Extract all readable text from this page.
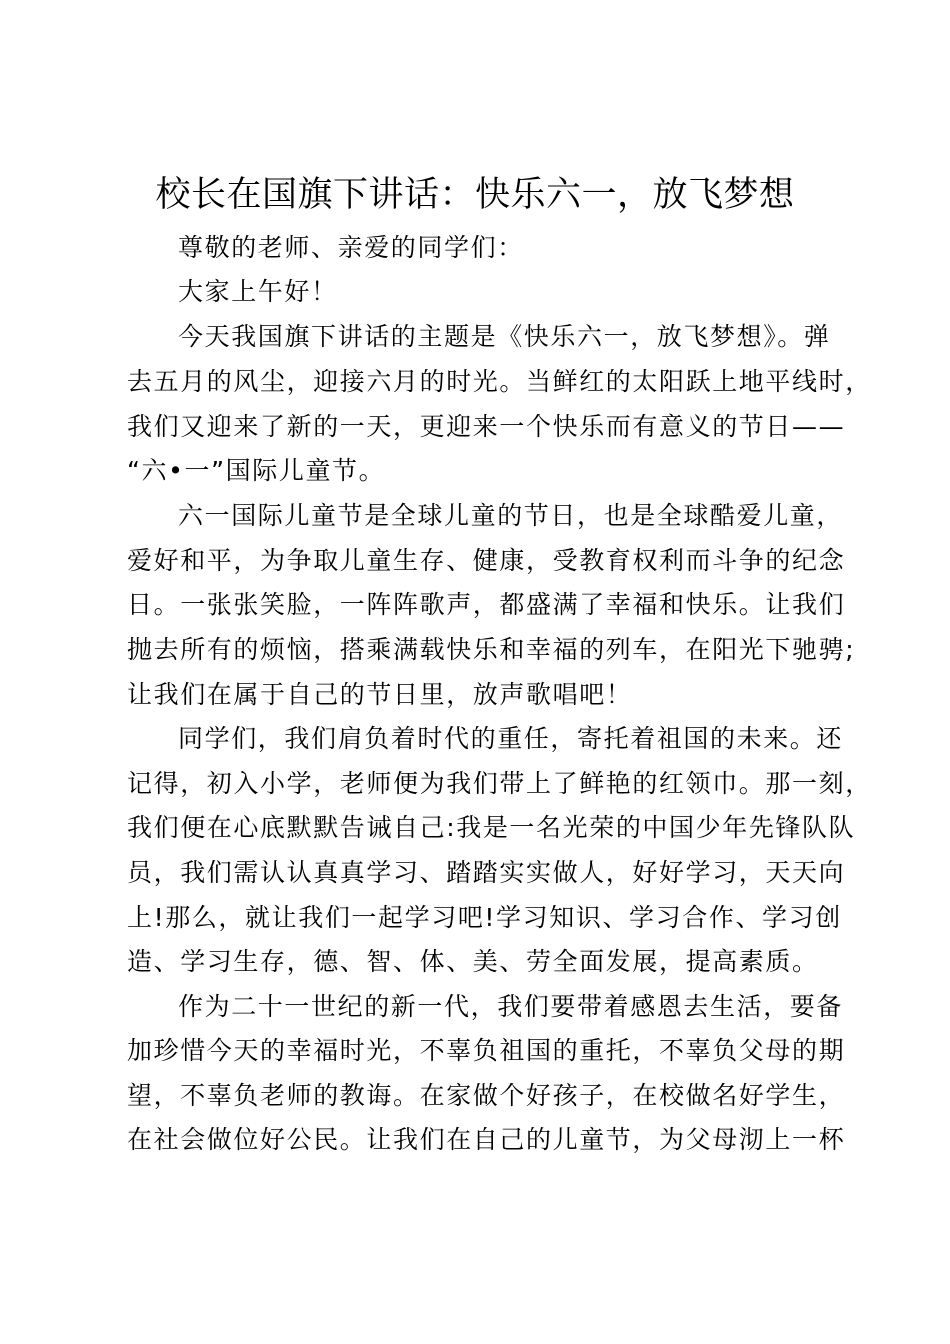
校长在国旗下讲话：快乐六一，放飞梦想
尊敬的老师、亲爱的同学们：
大家上午好！
今天我国旗下讲话的主题是《快乐六一，放飞梦想》。弹
去五月的风尘，迎接六月的时光。当鲜红的太阳跃上地平线时，
我们又迎来了新的一天，更迎来一个快乐而有意义的节日——
“六•一”国际儿童节。
六一国际儿童节是全球儿童的节日，也是全球酷爱儿童，
爱好和平，为争取儿童生存、健康，受教育权利而斗争的纪念
日。一张张笑脸，一阵阵歌声，都盛满了幸福和快乐。让我们
抛去所有的烦恼，搭乘满载快乐和幸福的列车，在阳光下驰骋;
让我们在属于自己的节日里，放声歌唱吧！
同学们，我们肩负着时代的重任，寄托着祖国的未来。还
记得，初入小学，老师便为我们带上了鲜艳的红领巾。那一刻，
我们便在心底默默告诫自己:我是一名光荣的中国少年先锋队队
员，我们需认认真真学习、踏踏实实做人，好好学习，天天向
上!那么，就让我们一起学习吧!学习知识、学习合作、学习创
造、学习生存，德、智、体、美、劳全面发展，提高素质。
作为二十一世纪的新一代，我们要带着感恩去生活，要备
加珍惜今天的幸福时光，不辜负祖国的重托，不辜负父母的期
望，不辜负老师的教诲。在家做个好孩子，在校做名好学生，
在社会做位好公民。让我们在自己的儿童节，为父母沏上一杯
